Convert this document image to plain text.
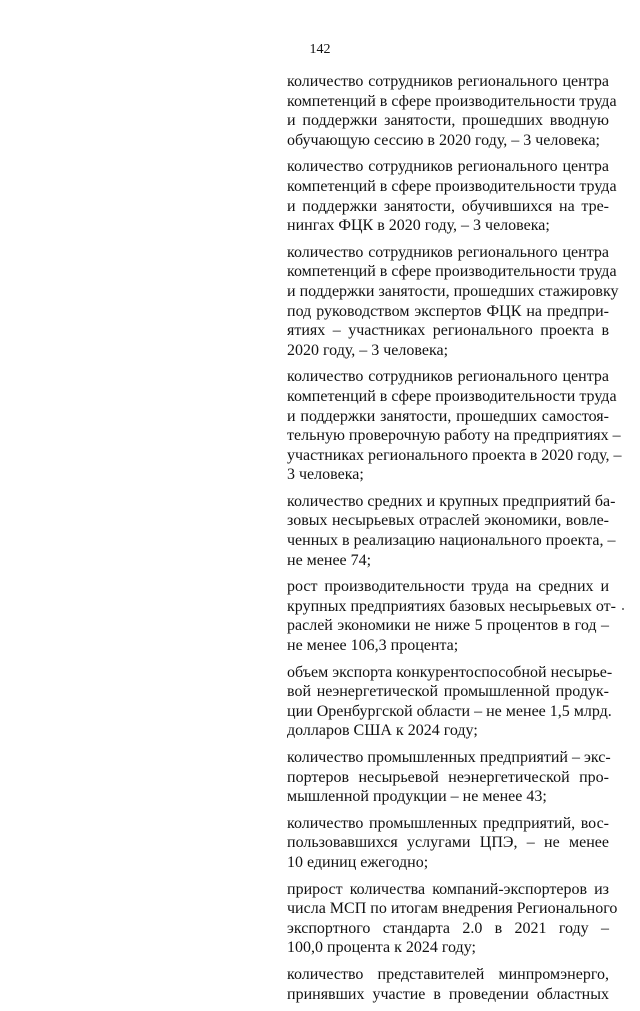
142
количество сотрудников регионального центра
компетенций в сфере производительности труда
и поддержки занятости, прошедших вводную
обучающую сессию в 2020 году, – 3 человека;
количество сотрудников регионального центра
компетенций в сфере производительности труда
и поддержки занятости, обучившихся на тре-
нингах ФЦК в 2020 году, – 3 человека;
количество сотрудников регионального центра
компетенций в сфере производительности труда
и поддержки занятости, прошедших стажировку
под руководством экспертов ФЦК на предпри-
ятиях – участниках регионального проекта в
2020 году, – 3 человека;
количество сотрудников регионального центра
компетенций в сфере производительности труда
и поддержки занятости, прошедших самостоя-
тельную проверочную работу на предприятиях –
участниках регионального проекта в 2020 году, –
3 человека;
количество средних и крупных предприятий ба-
зовых несырьевых отраслей экономики, вовле-
ченных в реализацию национального проекта, –
не менее 74;
рост производительности труда на средних и
крупных предприятиях базовых несырьевых от-
раслей экономики не ниже 5 процентов в год –
не менее 106,3 процента;
объем экспорта конкурентоспособной несырье-
вой неэнергетической промышленной продук-
ции Оренбургской области – не менее 1,5 млрд.
долларов США к 2024 году;
количество промышленных предприятий – экс-
портеров несырьевой неэнергетической про-
мышленной продукции – не менее 43;
количество промышленных предприятий, вос-
пользовавшихся услугами ЦПЭ, – не менее
10 единиц ежегодно;
прирост количества компаний-экспортеров из
числа МСП по итогам внедрения Регионального
экспортного стандарта 2.0 в 2021 году –
100,0 процента к 2024 году;
количество представителей минпромэнерго,
принявших участие в проведении областных
